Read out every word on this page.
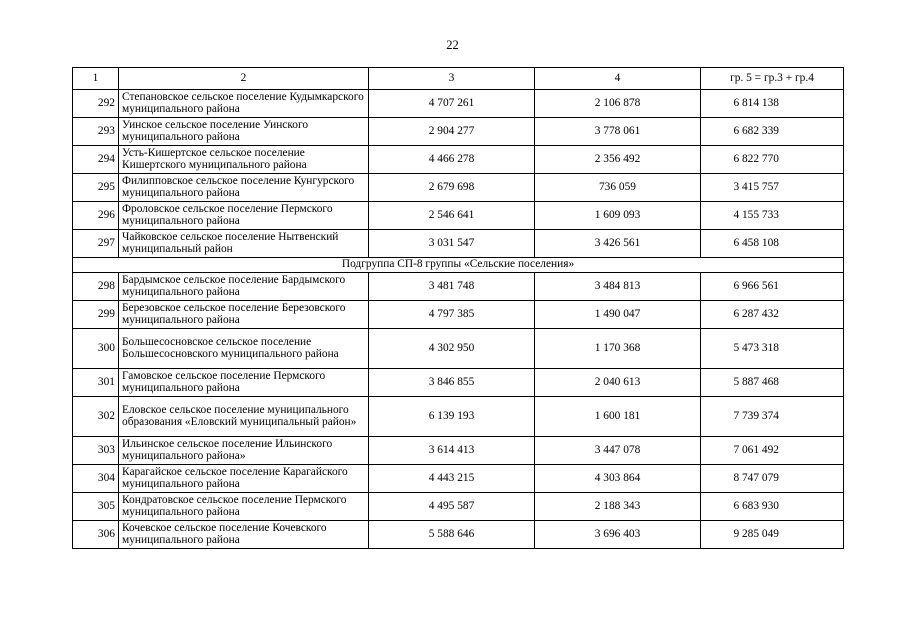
22
1	2	3	4	гр. 5 = гр.3 + гр.4
292	Степановское сельское поселение Кудымкарского муниципального района	4 707 261	2 106 878	6 814 138
293	Уинское сельское поселение Уинского муниципального района	2 904 277	3 778 061	6 682 339
294	Усть-Кишертское сельское поселение Кишертского муниципального района	4 466 278	2 356 492	6 822 770
295	Филипповское сельское поселение Кунгурского муниципального района	2 679 698	736 059	3 415 757
296	Фроловское сельское поселение Пермского муниципального района	2 546 641	1 609 093	4 155 733
297	Чайковское сельское поселение Нытвенский муниципальный район	3 031 547	3 426 561	6 458 108
Подгруппа СП-8 группы «Сельские поселения»				
298	Бардымское сельское поселение Бардымского муниципального района	3 481 748	3 484 813	6 966 561
299	Березовское сельское поселение Березовского муниципального района	4 797 385	1 490 047	6 287 432
300	Большесосновское сельское поселение Большесосновского муниципального района	4 302 950	1 170 368	5 473 318
301	Гамовское сельское поселение Пермского муниципального района	3 846 855	2 040 613	5 887 468
302	Еловское сельское поселение муниципального образования «Еловский муниципальный район»	6 139 193	1 600 181	7 739 374
303	Ильинское сельское поселение Ильинского муниципального района»	3 614 413	3 447 078	7 061 492
304	Карагайское сельское поселение Карагайского муниципального района	4 443 215	4 303 864	8 747 079
305	Кондратовское сельское поселение Пермского муниципального района	4 495 587	2 188 343	6 683 930
306	Кочевское сельское поселение Кочевского муниципального района	5 588 646	3 696 403	9 285 049
